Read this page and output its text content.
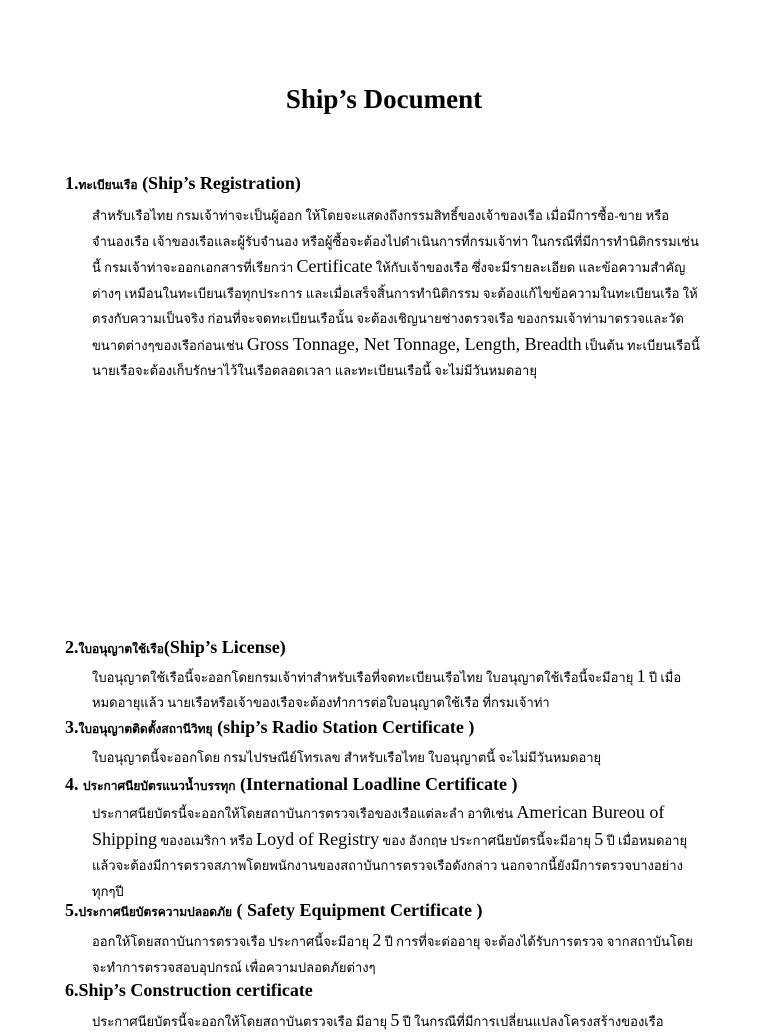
Ship’s Document
1.ทะเบียนเรือ (Ship’s Registration)

สำหรับเรือไทย กรมเจ้าท่าจะเป็นผู้ออก ให้โดยจะแสดงถึงกรรมสิทธิ์ของเจ้าของเรือ เมื่อมีการซื้อ-ขาย หรือจำนองเรือ เจ้าของเรือและผู้รับจำนอง หรือผู้ซื้อจะต้องไปดำเนินการที่กรมเจ้าท่า ในกรณีที่มีการทำนิติกรรมเช่นนี้ กรมเจ้าท่าจะออกเอกสารที่เรียกว่า Certificate ให้กับเจ้าของเรือ ซึ่งจะมีรายละเอียด และข้อความสำคัญต่างๆ เหมือนในทะเบียนเรือทุกประการ และเมื่อเสร็จสิ้นการทำนิติกรรม จะต้องแก้ไขข้อความในทะเบียนเรือ ให้ตรงกับความเป็นจริง ก่อนที่จะจดทะเบียนเรือนั้น จะต้องเชิญนายช่างตรวจเรือ ของกรมเจ้าท่ามาตรวจและวัดขนาดต่างๆของเรือก่อนเช่น Gross Tonnage, Net Tonnage, Length, Breadth เป็นต้น ทะเบียนเรือนี้ นายเรือจะต้องเก็บรักษาไว้ในเรือตลอดเวลา และทะเบียนเรือนี้ จะไม่มีวันหมดอายุ

2.ใบอนุญาตใช้เรือ(Ship’s License)

ใบอนุญาตใช้เรือนี้จะออกโดยกรมเจ้าท่าสำหรับเรือที่จดทะเบียนเรือไทย ใบอนุญาตใช้เรือนี้จะมีอายุ 1 ปี เมื่อหมดอายุแล้ว นายเรือหรือเจ้าของเรือจะต้องทำการต่อใบอนุญาตใช้เรือ ที่กรมเจ้าท่า

3.ใบอนุญาตติดตั้งสถานีวิทยุ (ship’s Radio Station Certificate )

ใบอนุญาตนี้จะออกโดย กรมไปรษณีย์โทรเลข สำหรับเรือไทย ใบอนุญาตนี้ จะไม่มีวันหมดอายุ

4. ประกาศนียบัตรแนวน้ำบรรทุก (International Loadline Certificate )

ประกาศนียบัตรนี้จะออกให้โดยสถาบันการตรวจเรือของเรือแต่ละลำ อาทิเช่น American Bureou of Shipping ของอเมริกา หรือ Loyd of Registry ของ อังกฤษ ประกาศนียบัตรนี้จะมีอายุ 5 ปี เมื่อหมดอายุแล้วจะต้องมีการตรวจสภาพโดยพนักงานของสถาบันการตรวจเรือดังกล่าว นอกจากนี้ยังมีการตรวจบางอย่างทุกๆปี

5.ประกาศนียบัตรความปลอดภัย ( Safety Equipment Certificate )

ออกให้โดยสถาบันการตรวจเรือ ประกาศนี้จะมีอายุ 2 ปี การที่จะต่ออายุ จะต้องได้รับการตรวจ จากสถาบันโดยจะทำการตรวจสอบอุปกรณ์ เพื่อความปลอดภัยต่างๆ

6.Ship’s Construction certificate

ประกาศนียบัตรนี้จะออกให้โดยสถาบันตรวจเรือ มีอายุ 5 ปี ในกรณีที่มีการเปลี่ยนแปลงโครงสร้างของเรือ
